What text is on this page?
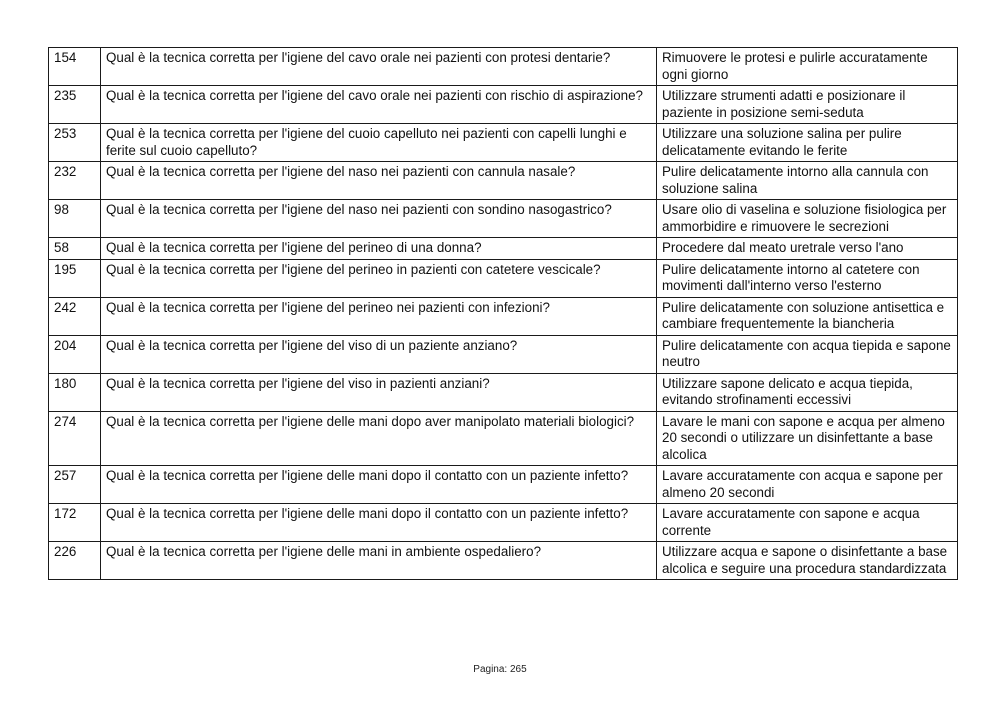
154	Qual è la tecnica corretta per l'igiene del cavo orale nei pazienti con protesi dentarie?	Rimuovere le protesi e pulirle accuratamente ogni giorno
235	Qual è la tecnica corretta per l'igiene del cavo orale nei pazienti con rischio di aspirazione?	Utilizzare strumenti adatti e posizionare il paziente in posizione semi-seduta
253	Qual è la tecnica corretta per l'igiene del cuoio capelluto nei pazienti con capelli lunghi e ferite sul cuoio capelluto?	Utilizzare una soluzione salina per pulire delicatamente evitando le ferite
232	Qual è la tecnica corretta per l'igiene del naso nei pazienti con cannula nasale?	Pulire delicatamente intorno alla cannula con soluzione salina
98	Qual è la tecnica corretta per l'igiene del naso nei pazienti con sondino nasogastrico?	Usare olio di vaselina e soluzione fisiologica per ammorbidire e rimuovere le secrezioni
58	Qual è la tecnica corretta per l'igiene del perineo di una donna?	Procedere dal meato uretrale verso l'ano
195	Qual è la tecnica corretta per l'igiene del perineo in pazienti con catetere vescicale?	Pulire delicatamente intorno al catetere con movimenti dall'interno verso l'esterno
242	Qual è la tecnica corretta per l'igiene del perineo nei pazienti con infezioni?	Pulire delicatamente con soluzione antisettica e cambiare frequentemente la biancheria
204	Qual è la tecnica corretta per l'igiene del viso di un paziente anziano?	Pulire delicatamente con acqua tiepida e sapone neutro
180	Qual è la tecnica corretta per l'igiene del viso in pazienti anziani?	Utilizzare sapone delicato e acqua tiepida, evitando strofinamenti eccessivi
274	Qual è la tecnica corretta per l'igiene delle mani dopo aver manipolato materiali biologici?	Lavare le mani con sapone e acqua per almeno 20 secondi o utilizzare un disinfettante a base alcolica
257	Qual è la tecnica corretta per l'igiene delle mani dopo il contatto con un paziente infetto?	Lavare accuratamente con acqua e sapone per almeno 20 secondi
172	Qual è la tecnica corretta per l'igiene delle mani dopo il contatto con un paziente infetto?	Lavare accuratamente con sapone e acqua corrente
226	Qual è la tecnica corretta per l'igiene delle mani in ambiente ospedaliero?	Utilizzare acqua e sapone o disinfettante a base alcolica e seguire una procedura standardizzata
Pagina: 265
